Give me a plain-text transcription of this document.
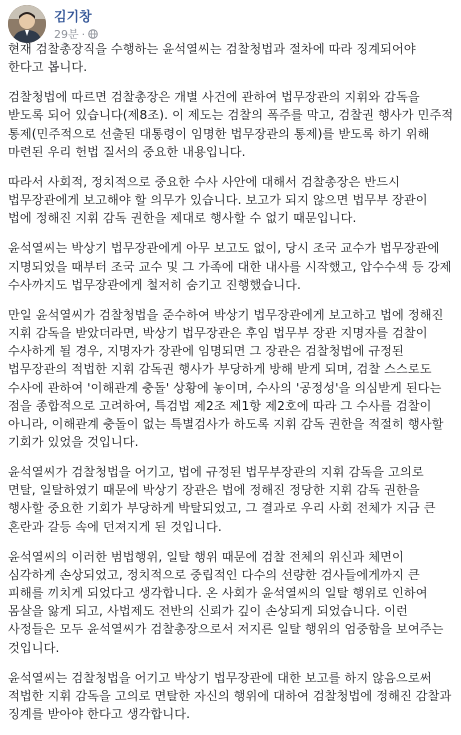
김기창
29분 ·

현재 검찰총장직을 수행하는 윤석열씨는 검찰청법과 절차에 따라 징계되어야 한다고 봅니다.

검찰청법에 따르면 검찰총장은 개별 사건에 관하여 법무장관의 지휘와 감독을 받도록 되어 있습니다(제8조). 이 제도는 검찰의 폭주를 막고, 검찰권 행사가 민주적 통제(민주적으로 선출된 대통령이 임명한 법무장관의 통제)를 받도록 하기 위해 마련된 우리 헌법 질서의 중요한 내용입니다.

따라서 사회적, 정치적으로 중요한 수사 사안에 대해서 검찰총장은 반드시 법무장관에게 보고해야 할 의무가 있습니다. 보고가 되지 않으면 법무부 장관이 법에 정해진 지휘 감독 권한을 제대로 행사할 수 없기 때문입니다.

윤석열씨는 박상기 법무장관에게 아무 보고도 없이, 당시 조국 교수가 법무장관에 지명되었을 때부터 조국 교수 및 그 가족에 대한 내사를 시작했고, 압수수색 등 강제 수사까지도 법무장관에게 철저히 숨기고 진행했습니다.

만일 윤석열씨가 검찰청법을 준수하여 박상기 법무장관에게 보고하고 법에 정해진 지휘 감독을 받았더라면, 박상기 법무장관은 후임 법무부 장관 지명자를 검찰이 수사하게 될 경우, 지명자가 장관에 임명되면 그 장관은 검찰청법에 규정된 법무장관의 적법한 지휘 감독권 행사가 부당하게 방해 받게 되며, 검찰 스스로도 수사에 관하여 '이해관계 충돌' 상황에 놓이며, 수사의 '공정성'을 의심받게 된다는 점을 종합적으로 고려하여, 특검법 제2조 제1항 제2호에 따라 그 수사를 검찰이 아니라, 이해관계 충돌이 없는 특별검사가 하도록 지휘 감독 권한을 적절히 행사할 기회가 있었을 것입니다.

윤석열씨가 검찰청법을 어기고, 법에 규정된 법무부장관의 지휘 감독을 고의로 면탈, 일탈하였기 때문에 박상기 장관은 법에 정해진 정당한 지휘 감독 권한을 행사할 중요한 기회가 부당하게 박탈되었고, 그 결과로 우리 사회 전체가 지금 큰 혼란과 갈등 속에 던져지게 된 것입니다.

윤석열씨의 이러한 범법행위, 일탈 행위 때문에 검찰 전체의 위신과 체면이 심각하게 손상되었고, 정치적으로 중립적인 다수의 선량한 검사들에게까지 큰 피해를 끼치게 되었다고 생각합니다. 온 사회가 윤석열씨의 일탈 행위로 인하여 몸살을 앓게 되고, 사법제도 전반의 신뢰가 깊이 손상되게 되었습니다. 이런 사정들은 모두 윤석열씨가 검찰총장으로서 저지른 일탈 행위의 엄중함을 보여주는 것입니다.

윤석열씨는 검찰청법을 어기고 박상기 법무장관에 대한 보고를 하지 않음으로써 적법한 지휘 감독을 고의로 면탈한 자신의 행위에 대하여 검찰청법에 정해진 감찰과 징계를 받아야 한다고 생각합니다.
